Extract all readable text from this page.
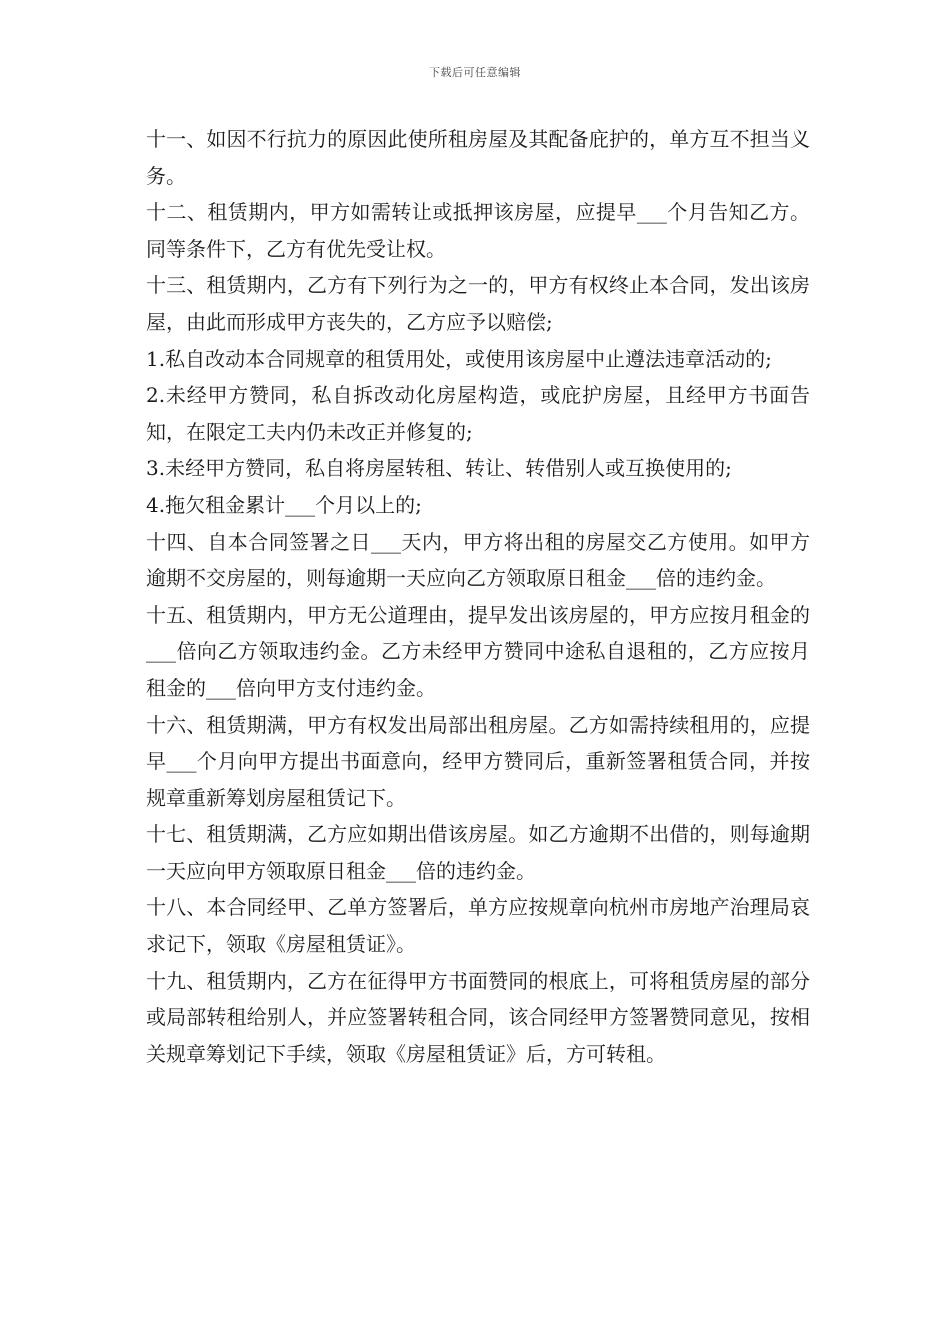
下载后可任意编辑

十一、如因不行抗力的原因此使所租房屋及其配备庇护的，单方互不担当义务。

十二、租赁期内，甲方如需转让或抵押该房屋，应提早___个月告知乙方。同等条件下，乙方有优先受让权。

十三、租赁期内，乙方有下列行为之一的，甲方有权终止本合同，发出该房屋，由此而形成甲方丧失的，乙方应予以赔偿;

1.私自改动本合同规章的租赁用处，或使用该房屋中止遵法违章活动的;

2.未经甲方赞同，私自拆改动化房屋构造，或庇护房屋，且经甲方书面告知，在限定工夫内仍未改正并修复的;

3.未经甲方赞同，私自将房屋转租、转让、转借别人或互换使用的;

4.拖欠租金累计___个月以上的;

十四、自本合同签署之日___天内，甲方将出租的房屋交乙方使用。如甲方逾期不交房屋的，则每逾期一天应向乙方领取原日租金___倍的违约金。

十五、租赁期内，甲方无公道理由，提早发出该房屋的，甲方应按月租金的___倍向乙方领取违约金。乙方未经甲方赞同中途私自退租的，乙方应按月租金的___倍向甲方支付违约金。

十六、租赁期满，甲方有权发出局部出租房屋。乙方如需持续租用的，应提早___个月向甲方提出书面意向，经甲方赞同后，重新签署租赁合同，并按规章重新筹划房屋租赁记下。

十七、租赁期满，乙方应如期出借该房屋。如乙方逾期不出借的，则每逾期一天应向甲方领取原日租金___倍的违约金。

十八、本合同经甲、乙单方签署后，单方应按规章向杭州市房地产治理局哀求记下，领取《房屋租赁证》。

十九、租赁期内，乙方在征得甲方书面赞同的根底上，可将租赁房屋的部分或局部转租给别人，并应签署转租合同，该合同经甲方签署赞同意见，按相关规章筹划记下手续，领取《房屋租赁证》后，方可转租。
